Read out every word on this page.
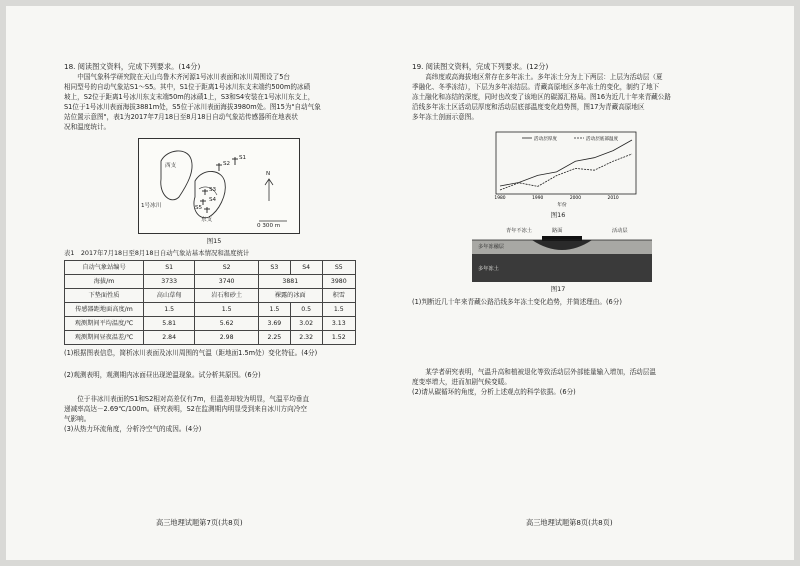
18. 阅读图文资料，完成下列要求。(14分)

中国气象科学研究院在天山乌鲁木齐河源1号冰川表面和冰川周围设了5台

相同型号的自动气象站S1～S5。其中，S1位于距离1号冰川东支末端约500m的冰碛

坡上，S2位于距离1号冰川东支末端50m的冰碛1上，S3和S4安装在1号冰川东支上，

S1位于1号冰川表面海拔3881m处，S5位于冰川表面海拔3980m处。图15为"自动气象

站位置示意图"，表1为2017年7月18日至8月18日自动气象站传感器所在地表状

况和温度统计。

西支
东支
1号冰川
S1
S2
S3
S4
S5
N
0 300 m

图15

表1　2017年7月18日至8月18日自动气象站基本情况和温度统计

自动气象站编号	S1	S2	S3	S4	S5
海拔/m	3733	3740	3881		3980
下垫面性质	高山草甸	岩石和砂土	裸露的冰面		积雪
传感器距地面高度/m	1.5	1.5	1.5	0.5	1.5
观测期间平均温度/℃	5.81	5.62	3.69	3.02	3.13
观测期间昼夜温差/℃	2.84	2.98	2.25	2.32	1.52

(1)根据图表信息，简析冰川表面及冰川周围的气温（距地面1.5m处）变化特征。(4分)

(2)观测表明，观测期内冰面昼出现逆温现象。试分析其原因。(6分)

位于非冰川表面的S1和S2相对高差仅有7m，但温差却较为明显，气温平均垂直

递减率高达－2.69℃/100m。研究表明，S2在监测期内明显受到来自冰川方向冷空

气影响。

(3)从热力环流角度，分析冷空气的成因。(4分)

高三地理试题第7页(共8页)

19. 阅读图文资料，完成下列要求。(12分)

高纬度或高海拔地区常存在多年冻土。多年冻土分为上下两层：上层为活动层（夏

季融化、冬季冻结），下层为多年冻结层。青藏高原地区多年冻土的变化，制约了地下

冻土融化和冻结的深度，同时也改变了该地区的碳源汇格局。图16为近几十年来青藏公路

沿线多年冻土区活动层厚度和活动层底部温度变化趋势图，图17为青藏高原地区

多年冻土剖面示意图。

1980	1990	2000	2010
活动层厚度	活动层底部温度
年份

图16

青年不冻土	路面	活动层
多年冻融层
多年冻土

图17

(1)判断近几十年来青藏公路沿线多年冻土变化趋势，并简述理由。(6分)

某学者研究表明，气温升高和植被退化等致活动层外部能量输入增加，活动层温

度变率增大，进而加剧气候变暖。

(2)请从碳循环的角度，分析上述观点的科学依据。(6分)

高三地理试题第8页(共8页)
